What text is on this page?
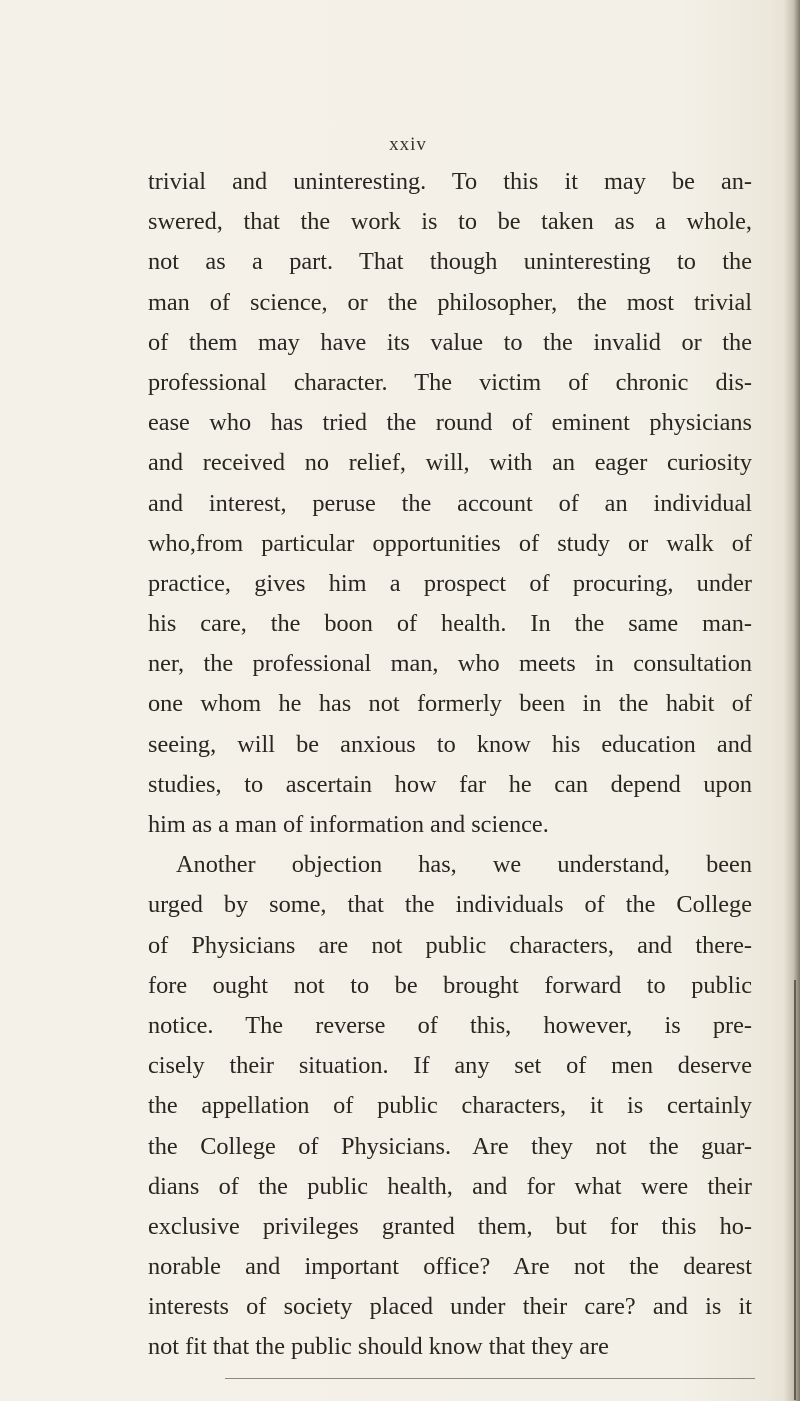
xxiv
trivial and uninteresting. To this it may be an-
swered, that the work is to be taken as a whole,
not as a part. That though uninteresting to the
man of science, or the philosopher, the most trivial
of them may have its value to the invalid or the
professional character. The victim of chronic dis-
ease who has tried the round of eminent physicians
and received no relief, will, with an eager curiosity
and interest, peruse the account of an individual
who,from particular opportunities of study or walk of
practice, gives him a prospect of procuring, under
his care, the boon of health. In the same man-
ner, the professional man, who meets in consultation
one whom he has not formerly been in the habit of
seeing, will be anxious to know his education and
studies, to ascertain how far he can depend upon
him as a man of information and science.
Another objection has, we understand, been
urged by some, that the individuals of the College
of Physicians are not public characters, and there-
fore ought not to be brought forward to public
notice. The reverse of this, however, is pre-
cisely their situation. If any set of men deserve
the appellation of public characters, it is certainly
the College of Physicians. Are they not the guar-
dians of the public health, and for what were their
exclusive privileges granted them, but for this ho-
norable and important office? Are not the dearest
interests of society placed under their care? and is it
not fit that the public should know that they are
